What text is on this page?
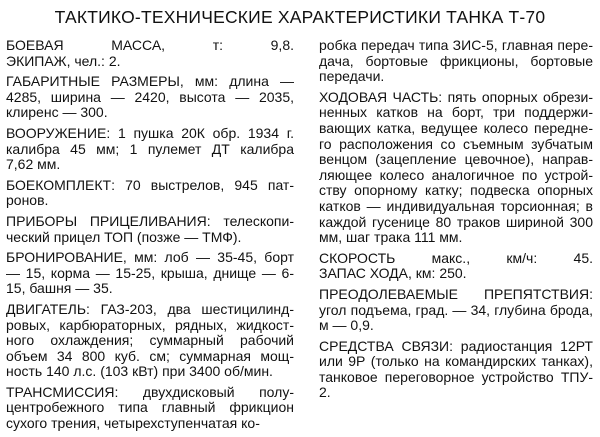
ТАКТИКО-ТЕХНИЧЕСКИЕ ХАРАКТЕРИСТИКИ ТАНКА Т-70
БОЕВАЯ МАССА, т: 9,8.
ЭКИПАЖ, чел.: 2.
ГАБАРИТНЫЕ РАЗМЕРЫ, мм: длина —
4285, ширина — 2420, высота — 2035,
клиренс — 300.
ВООРУЖЕНИЕ: 1 пушка 20К обр. 1934 г.
калибра 45 мм; 1 пулемет ДТ калибра
7,62 мм.
БОЕКОМПЛЕКТ: 70 выстрелов, 945 пат-
ронов.
ПРИБОРЫ ПРИЦЕЛИВАНИЯ: телескопи-
ческий прицел ТОП (позже — ТМФ).
БРОНИРОВАНИЕ, мм: лоб — 35-45, борт
— 15, корма — 15-25, крыша, днище — 6-
15, башня — 35.
ДВИГАТЕЛЬ: ГАЗ-203, два шестицилинд-
ровых, карбюраторных, рядных, жидкост-
ного охлаждения; суммарный рабочий
объем 34 800 куб. см; суммарная мощ-
ность 140 л.с. (103 кВт) при 3400 об/мин.
ТРАНСМИССИЯ: двухдисковый полу-
центробежного типа главный фрикцион
сухого трения, четырехступенчатая ко-
робка передач типа ЗИС-5, главная пере-
дача, бортовые фрикционы, бортовые
передачи.
ХОДОВАЯ ЧАСТЬ: пять опорных обрези-
ненных катков на борт, три поддержи-
вающих катка, ведущее колесо передне-
го расположения со съемным зубчатым
венцом (зацепление цевочное), направ-
ляющее колесо аналогичное по устрой-
ству опорному катку; подвеска опорных
катков — индивидуальная торсионная; в
каждой гусенице 80 траков шириной 300
мм, шаг трака 111 мм.
СКОРОСТЬ макс., км/ч: 45.
ЗАПАС ХОДА, км: 250.
ПРЕОДОЛЕВАЕМЫЕ ПРЕПЯТСТВИЯ:
угол подъема, град. — 34, глубина брода,
м — 0,9.
СРЕДСТВА СВЯЗИ: радиостанция 12РТ
или 9Р (только на командирских танках),
танковое переговорное устройство ТПУ-
2.
